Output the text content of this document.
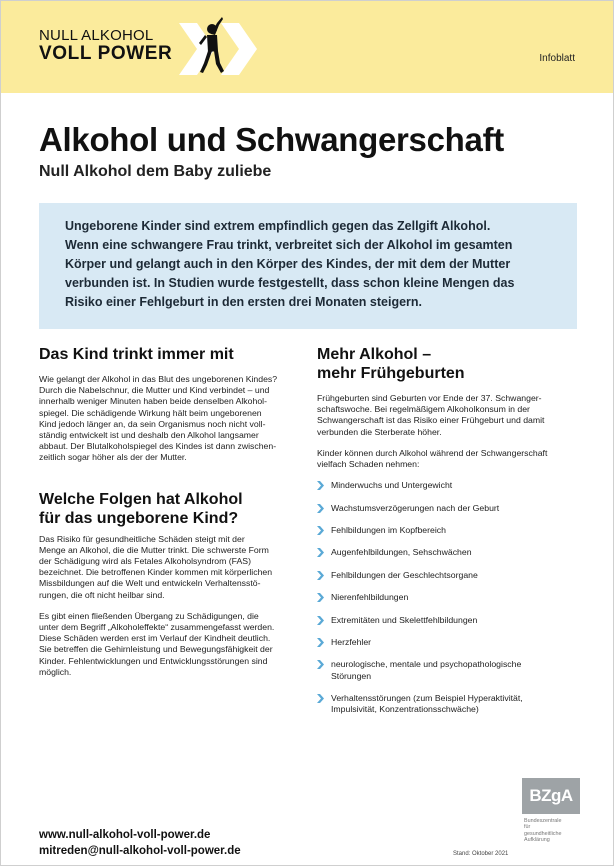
NULL ALKOHOL
VOLL POWER	Infoblatt
Alkohol und Schwangerschaft
Null Alkohol dem Baby zuliebe
Ungeborene Kinder sind extrem empfindlich gegen das Zellgift Alkohol.
Wenn eine schwangere Frau trinkt, verbreitet sich der Alkohol im gesamten
Körper und gelangt auch in den Körper des Kindes, der mit dem der Mutter
verbunden ist. In Studien wurde festgestellt, dass schon kleine Mengen das
Risiko einer Fehlgeburt in den ersten drei Monaten steigern.
Das Kind trinkt immer mit
Wie gelangt der Alkohol in das Blut des ungeborenen Kindes?
Durch die Nabelschnur, die Mutter und Kind verbindet – und
innerhalb weniger Minuten haben beide denselben Alkohol-
spiegel. Die schädigende Wirkung hält beim ungeborenen
Kind jedoch länger an, da sein Organismus noch nicht voll-
ständig entwickelt ist und deshalb den Alkohol langsamer
abbaut. Der Blutalkoholspiegel des Kindes ist dann zwischen-
zeitlich sogar höher als der der Mutter.
Welche Folgen hat Alkohol
für das ungeborene Kind?
Das Risiko für gesundheitliche Schäden steigt mit der
Menge an Alkohol, die die Mutter trinkt. Die schwerste Form
der Schädigung wird als Fetales Alkoholsyndrom (FAS)
bezeichnet. Die betroffenen Kinder kommen mit körperlichen
Missbildungen auf die Welt und entwickeln Verhaltensstö-
rungen, die oft nicht heilbar sind.
Es gibt einen fließenden Übergang zu Schädigungen, die
unter dem Begriff „Alkoholeffekte“ zusammengefasst werden.
Diese Schäden werden erst im Verlauf der Kindheit deutlich.
Sie betreffen die Gehirnleistung und Bewegungsfähigkeit der
Kinder. Fehlentwicklungen und Entwicklungsstörungen sind
möglich.
Mehr Alkohol –
mehr Frühgeburten
Frühgeburten sind Geburten vor Ende der 37. Schwanger-
schaftswoche. Bei regelmäßigem Alkoholkonsum in der
Schwangerschaft ist das Risiko einer Frühgeburt und damit
verbunden die Sterberate höher.
Kinder können durch Alkohol während der Schwangerschaft
vielfach Schaden nehmen:
Minderwuchs und Untergewicht
Wachstumsverzögerungen nach der Geburt
Fehlbildungen im Kopfbereich
Augenfehlbildungen, Sehschwächen
Fehlbildungen der Geschlechtsorgane
Nierenfehlbildungen
Extremitäten und Skelettfehlbildungen
Herzfehler
neurologische, mentale und psychopathologische
Störungen
Verhaltensstörungen (zum Beispiel Hyperaktivität,
Impulsivität, Konzentrationsschwäche)
BZgA
Bundeszentrale
für
gesundheitliche
Aufklärung
www.null-alkohol-voll-power.de
mitreden@null-alkohol-voll-power.de	Stand: Oktober 2021
